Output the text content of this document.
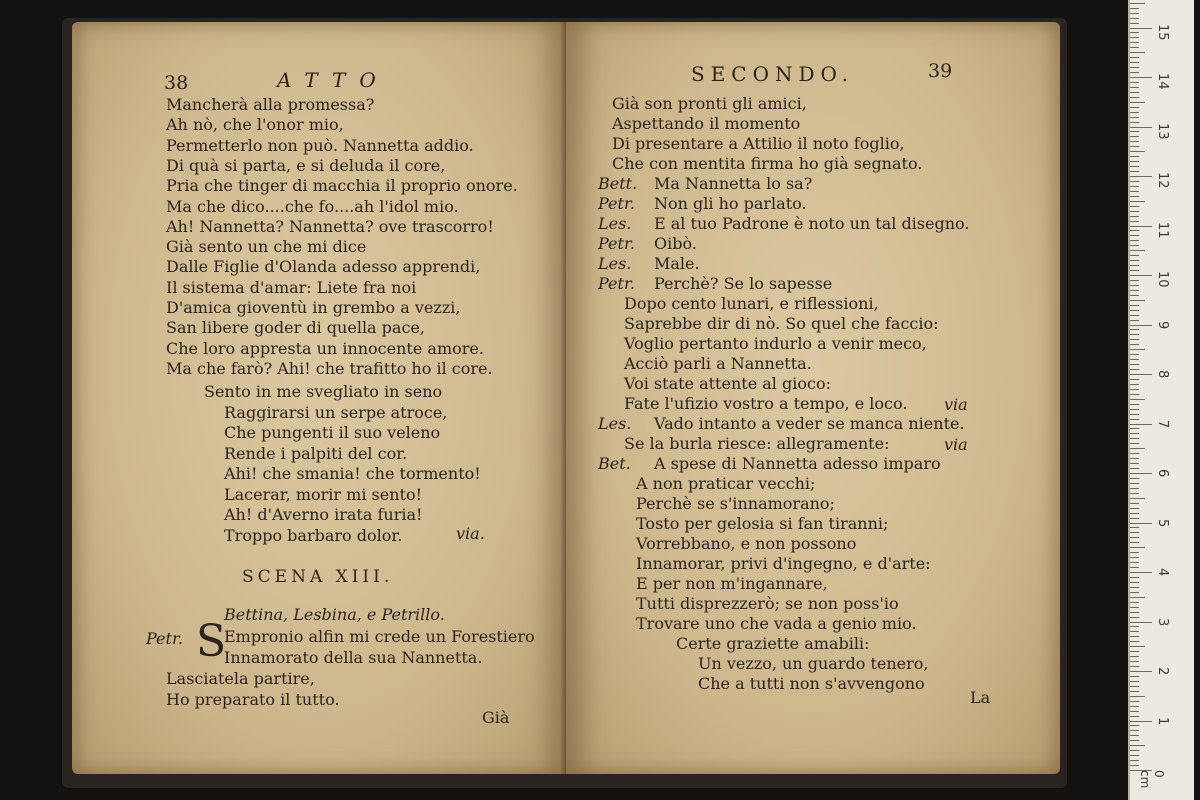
38	ATTO
Mancherà alla promessa?
Ah nò, che l'onor mio,
Permetterlo non può. Nannetta addio.
Di quà si parta, e si deluda il core,
Pria che tinger di macchia il proprio onore.
Ma che dico....che fo....ah l'idol mio.
Ah! Nannetta? Nannetta? ove trascorro!
Già sento un che mi dice
Dalle Figlie d'Olanda adesso apprendi,
Il sistema d'amar: Liete fra noi
D'amica gioventù in grembo a vezzi,
San libere goder di quella pace,
Che loro appresta un innocente amore.
Ma che farò? Ahi! che trafitto ho il core.
Sento in me svegliato in seno
Raggirarsi un serpe atroce,
Che pungenti il suo veleno
Rende i palpiti del cor.
Ahi! che smania! che tormento!
Lacerar, morir mi sento!
Ah! d'Averno irata furia!
Troppo barbaro dolor.	via.
SCENA XIII.
Bettina, Lesbina, e Petrillo.
Petr. S
Empronio alfin mi crede un Forestiero
Innamorato della sua Nannetta.
Lasciatela partire,
Ho preparato il tutto.
Già
SECONDO.	39
Già son pronti gli amici,
Aspettando il momento
Di presentare a Attilio il noto foglio,
Che con mentita firma ho già segnato.
Bett. Ma Nannetta lo sa?
Petr. Non gli ho parlato.
Les. E al tuo Padrone è noto un tal disegno.
Petr. Oibò.
Les. Male.
Petr. Perchè? Se lo sapesse
Dopo cento lunari, e riflessioni,
Saprebbe dir di nò. So quel che faccio:
Voglio pertanto indurlo a venir meco,
Acciò parli a Nannetta.
Voi state attente al gioco:
Fate l'ufizio vostro a tempo, e loco. via
Les. Vado intanto a veder se manca niente.
Se la burla riesce: allegramente:	via
Bet. A spese di Nannetta adesso imparo
A non praticar vecchi;
Perchè se s'innamorano;
Tosto per gelosia si fan tiranni;
Vorrebbano, e non possono
Innamorar, privi d'ingegno, e d'arte:
E per non m'ingannare,
Tutti disprezzerò; se non poss'io
Trovare uno che vada a genio mio.
Certe graziette amabili:
Un vezzo, un guardo tenero,
Che a tutti non s'avvengono
La
1
2
3
4
5
6
7
8
9
10
11
12
13
14
15
0 cm
